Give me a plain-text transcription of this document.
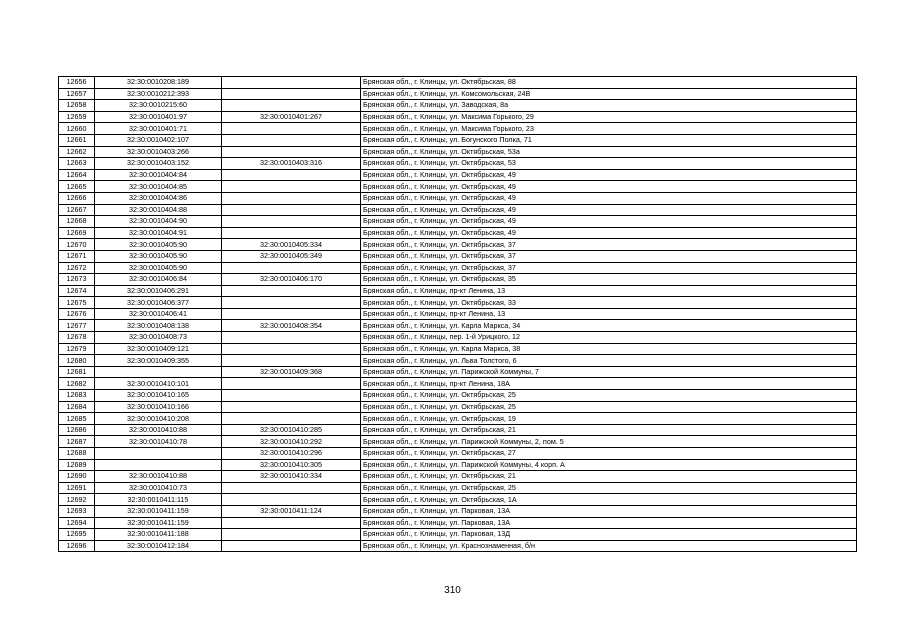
12656	32:30:0010208:189		Брянская обл., г. Клинцы, ул. Октябрьская, 88
12657	32:30:0010212:393		Брянская обл., г. Клинцы, ул. Комсомольская, 24В
12658	32:30:0010215:60		Брянская обл., г. Клинцы, ул. Заводская, 8а
12659	32:30:0010401:97	32:30:0010401:267	Брянская обл., г. Клинцы, ул. Максима Горького, 29
12660	32:30:0010401:71		Брянская обл., г. Клинцы, ул. Максима Горького, 23
12661	32:30:0010402:107		Брянская обл., г. Клинцы, ул. Богунского Полка, 71
12662	32:30:0010403:266		Брянская обл., г. Клинцы, ул. Октябрьская, 53а
12663	32:30:0010403:152	32:30:0010403:316	Брянская обл., г. Клинцы, ул. Октябрьская, 53
12664	32:30:0010404:84		Брянская обл., г. Клинцы, ул. Октябрьская, 49
12665	32:30:0010404:85		Брянская обл., г. Клинцы, ул. Октябрьская, 49
12666	32:30:0010404:86		Брянская обл., г. Клинцы, ул. Октябрьская, 49
12667	32:30:0010404:88		Брянская обл., г. Клинцы, ул. Октябрьская, 49
12668	32:30:0010404:90		Брянская обл., г. Клинцы, ул. Октябрьская, 49
12669	32:30:0010404:91		Брянская обл., г. Клинцы, ул. Октябрьская, 49
12670	32:30:0010405:90	32:30:0010405:334	Брянская обл., г. Клинцы, ул. Октябрьская, 37
12671	32:30:0010405:90	32:30:0010405:349	Брянская обл., г. Клинцы, ул. Октябрьская, 37
12672	32:30:0010405:90		Брянская обл., г. Клинцы, ул. Октябрьская, 37
12673	32:30:0010406:84	32:30:0010406:170	Брянская обл., г. Клинцы, ул. Октябрьская, 35
12674	32:30:0010406:291		Брянская обл., г. Клинцы, пр-кт Ленина, 13
12675	32:30:0010406:377		Брянская обл., г. Клинцы, ул. Октябрьская, 33
12676	32:30:0010406:41		Брянская обл., г. Клинцы, пр-кт Ленина, 13
12677	32:30:0010408:138	32:30:0010408:354	Брянская обл., г. Клинцы, ул. Карла Маркса, 34
12678	32:30:0010408:73		Брянская обл., г. Клинцы, пер. 1-й Урицкого, 12
12679	32:30:0010409:121		Брянская обл., г. Клинцы, ул. Карла Маркса, 38
12680	32:30:0010409:355		Брянская обл., г. Клинцы, ул. Льва Толстого, 6
12681		32:30:0010409:368	Брянская обл., г. Клинцы, ул. Парижской Коммуны, 7
12682	32:30:0010410:101		Брянская обл., г. Клинцы, пр-кт Ленина, 18А
12683	32:30:0010410:165		Брянская обл., г. Клинцы, ул. Октябрьская, 25
12684	32:30:0010410:166		Брянская обл., г. Клинцы, ул. Октябрьская, 25
12685	32:30:0010410:208		Брянская обл., г. Клинцы, ул. Октябрьская, 19
12686	32:30:0010410:88	32:30:0010410:285	Брянская обл., г. Клинцы, ул. Октябрьская, 21
12687	32:30:0010410:78	32:30:0010410:292	Брянская обл., г. Клинцы, ул. Парижской Коммуны, 2, пом. 5
12688		32:30:0010410:296	Брянская обл., г. Клинцы, ул. Октябрьская, 27
12689		32:30:0010410:305	Брянская обл., г. Клинцы, ул. Парижской Коммуны, 4 корп. А
12690	32:30:0010410:88	32:30:0010410:334	Брянская обл., г. Клинцы, ул. Октябрьская, 21
12691	32:30:0010410:73		Брянская обл., г. Клинцы, ул. Октябрьская, 25
12692	32:30:0010411:115		Брянская обл., г. Клинцы, ул. Октябрьская, 1А
12693	32:30:0010411:159	32:30:0010411:124	Брянская обл., г. Клинцы, ул. Парковая, 13А
12694	32:30:0010411:159		Брянская обл., г. Клинцы, ул. Парковая, 13А
12695	32:30:0010411:188		Брянская обл., г. Клинцы, ул. Парковая, 13Д
12696	32:30:0010412:184		Брянская обл., г. Клинцы, ул. Краснознаменная, б/н
310
